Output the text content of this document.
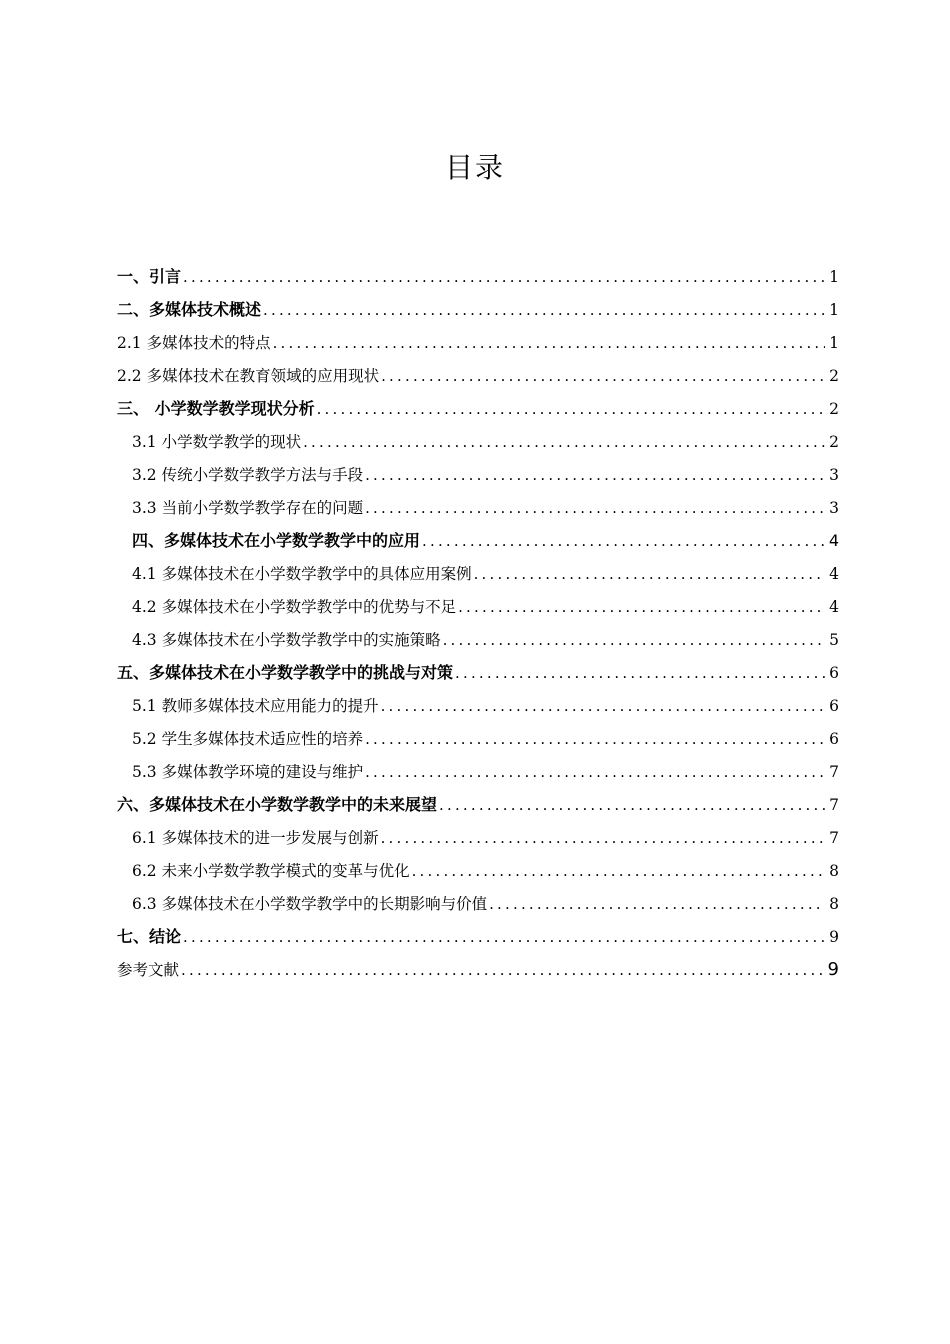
目录
一、引言 .....	1
二、多媒体技术概述 .....	1
2.1 多媒体技术的特点 .....	1
2.2 多媒体技术在教育领域的应用现状 .....	2
三、 小学数学教学现状分析 .....	2
3.1 小学数学教学的现状 .....	2
3.2 传统小学数学教学方法与手段 .....	3
3.3 当前小学数学教学存在的问题 .....	3
四、多媒体技术在小学数学教学中的应用 .....	4
4.1 多媒体技术在小学数学教学中的具体应用案例 .....	4
4.2 多媒体技术在小学数学教学中的优势与不足 .....	4
4.3 多媒体技术在小学数学教学中的实施策略 .....	5
五、多媒体技术在小学数学教学中的挑战与对策 .....	6
5.1 教师多媒体技术应用能力的提升 .....	6
5.2 学生多媒体技术适应性的培养 .....	6
5.3 多媒体教学环境的建设与维护 .....	7
六、多媒体技术在小学数学教学中的未来展望 .....	7
6.1 多媒体技术的进一步发展与创新 .....	7
6.2 未来小学数学教学模式的变革与优化 .....	8
6.3 多媒体技术在小学数学教学中的长期影响与价值 .....	8
七、结论 .....	9
参考文献 .....	9
